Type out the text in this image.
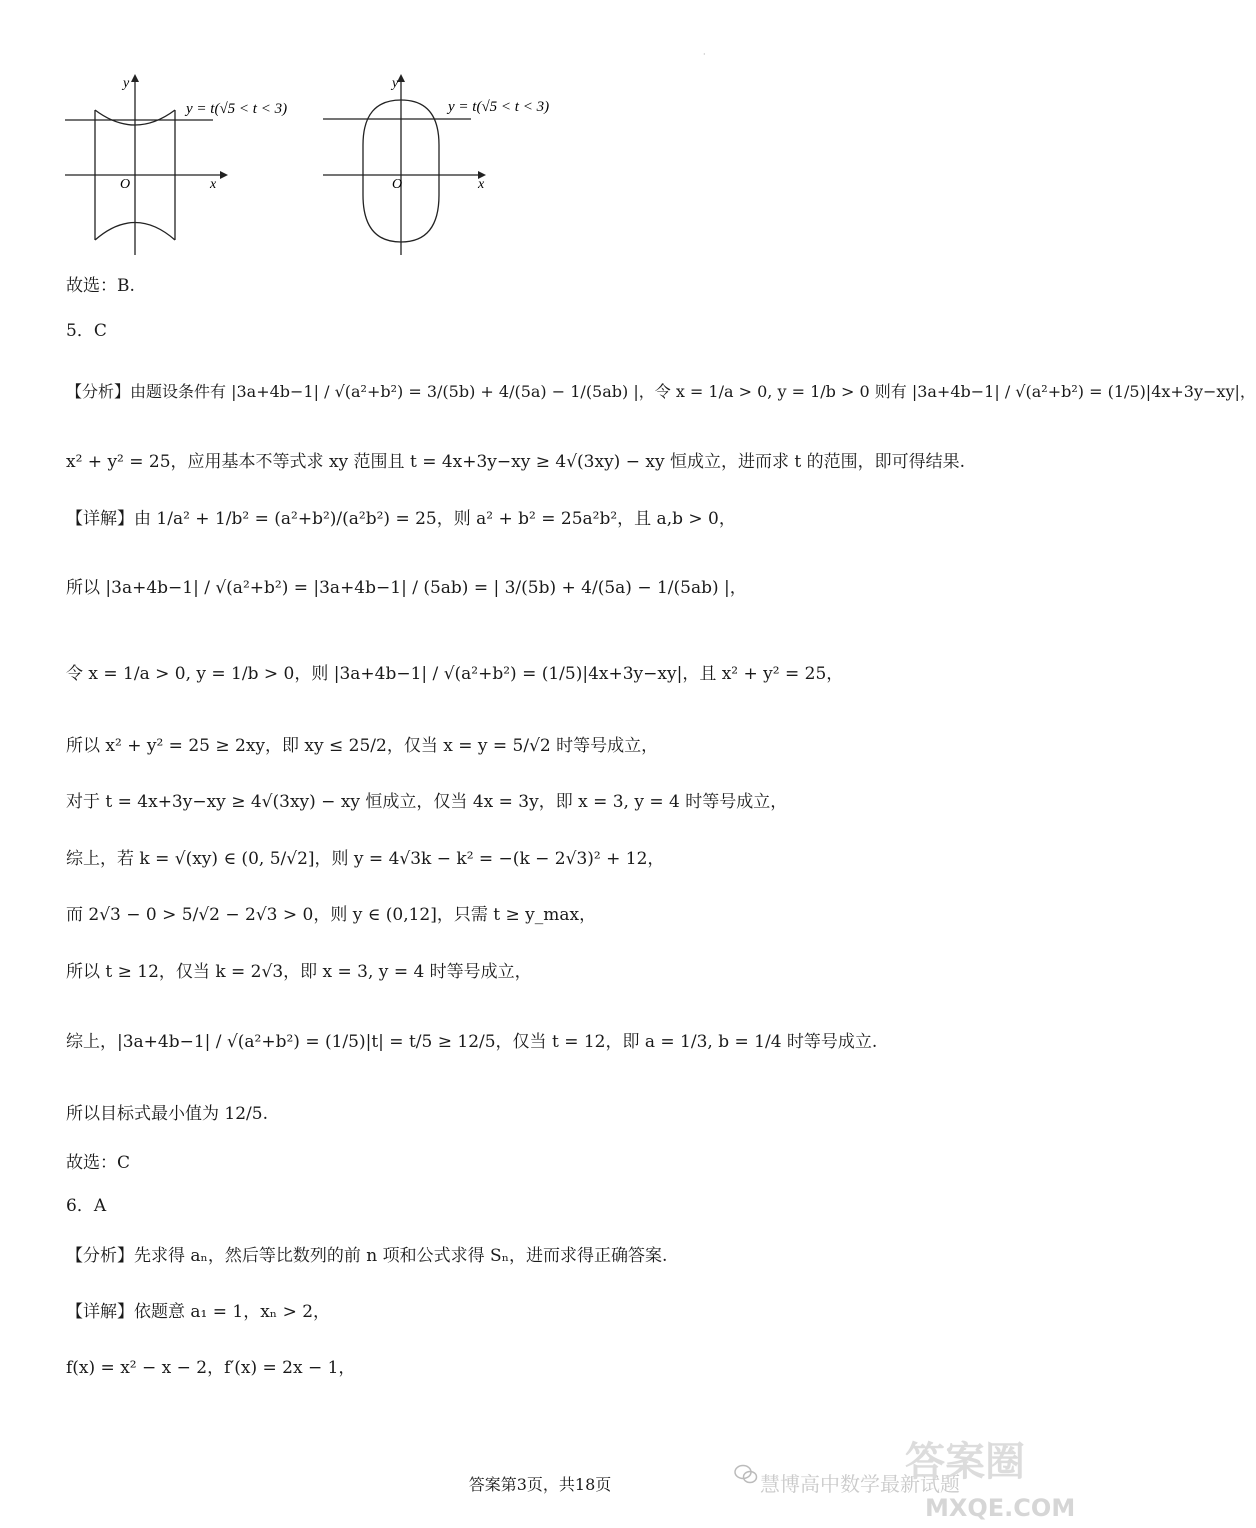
y
x
O
y = t(√5 < t < 3)
y
x
O
y = t(√5 < t < 3)
·
故选：B.
5．C
【分析】由题设条件有 |3a+4b−1| / √(a²+b²) = 3/(5b) + 4/(5a) − 1/(5ab) |，令 x = 1/a > 0, y = 1/b > 0 则有 |3a+4b−1| / √(a²+b²) = (1/5)|4x+3y−xy|，
x² + y² = 25，应用基本不等式求 xy 范围且 t = 4x+3y−xy ≥ 4√(3xy) − xy 恒成立，进而求 t 的范围，即可得结果.
【详解】由 1/a² + 1/b² = (a²+b²)/(a²b²) = 25，则 a² + b² = 25a²b²，且 a,b > 0，
所以 |3a+4b−1| / √(a²+b²) = |3a+4b−1| / (5ab) = | 3/(5b) + 4/(5a) − 1/(5ab) |，
令 x = 1/a > 0, y = 1/b > 0，则 |3a+4b−1| / √(a²+b²) = (1/5)|4x+3y−xy|，且 x² + y² = 25，
所以 x² + y² = 25 ≥ 2xy，即 xy ≤ 25/2，仅当 x = y = 5/√2 时等号成立，
对于 t = 4x+3y−xy ≥ 4√(3xy) − xy 恒成立，仅当 4x = 3y，即 x = 3, y = 4 时等号成立，
综上，若 k = √(xy) ∈ (0, 5/√2]，则 y = 4√3k − k² = −(k − 2√3)² + 12，
而 2√3 − 0 > 5/√2 − 2√3 > 0，则 y ∈ (0,12]，只需 t ≥ y_max，
所以 t ≥ 12，仅当 k = 2√3，即 x = 3, y = 4 时等号成立，
综上，|3a+4b−1| / √(a²+b²) = (1/5)|t| = t/5 ≥ 12/5，仅当 t = 12，即 a = 1/3, b = 1/4 时等号成立.
所以目标式最小值为 12/5.
故选：C
6．A
【分析】先求得 aₙ，然后等比数列的前 n 项和公式求得 Sₙ，进而求得正确答案.
【详解】依题意 a₁ = 1，xₙ > 2，
f(x) = x² − x − 2，f′(x) = 2x − 1，
答案第3页，共18页	慧博高中数学最新试题
答案圈
MXQE.COM
